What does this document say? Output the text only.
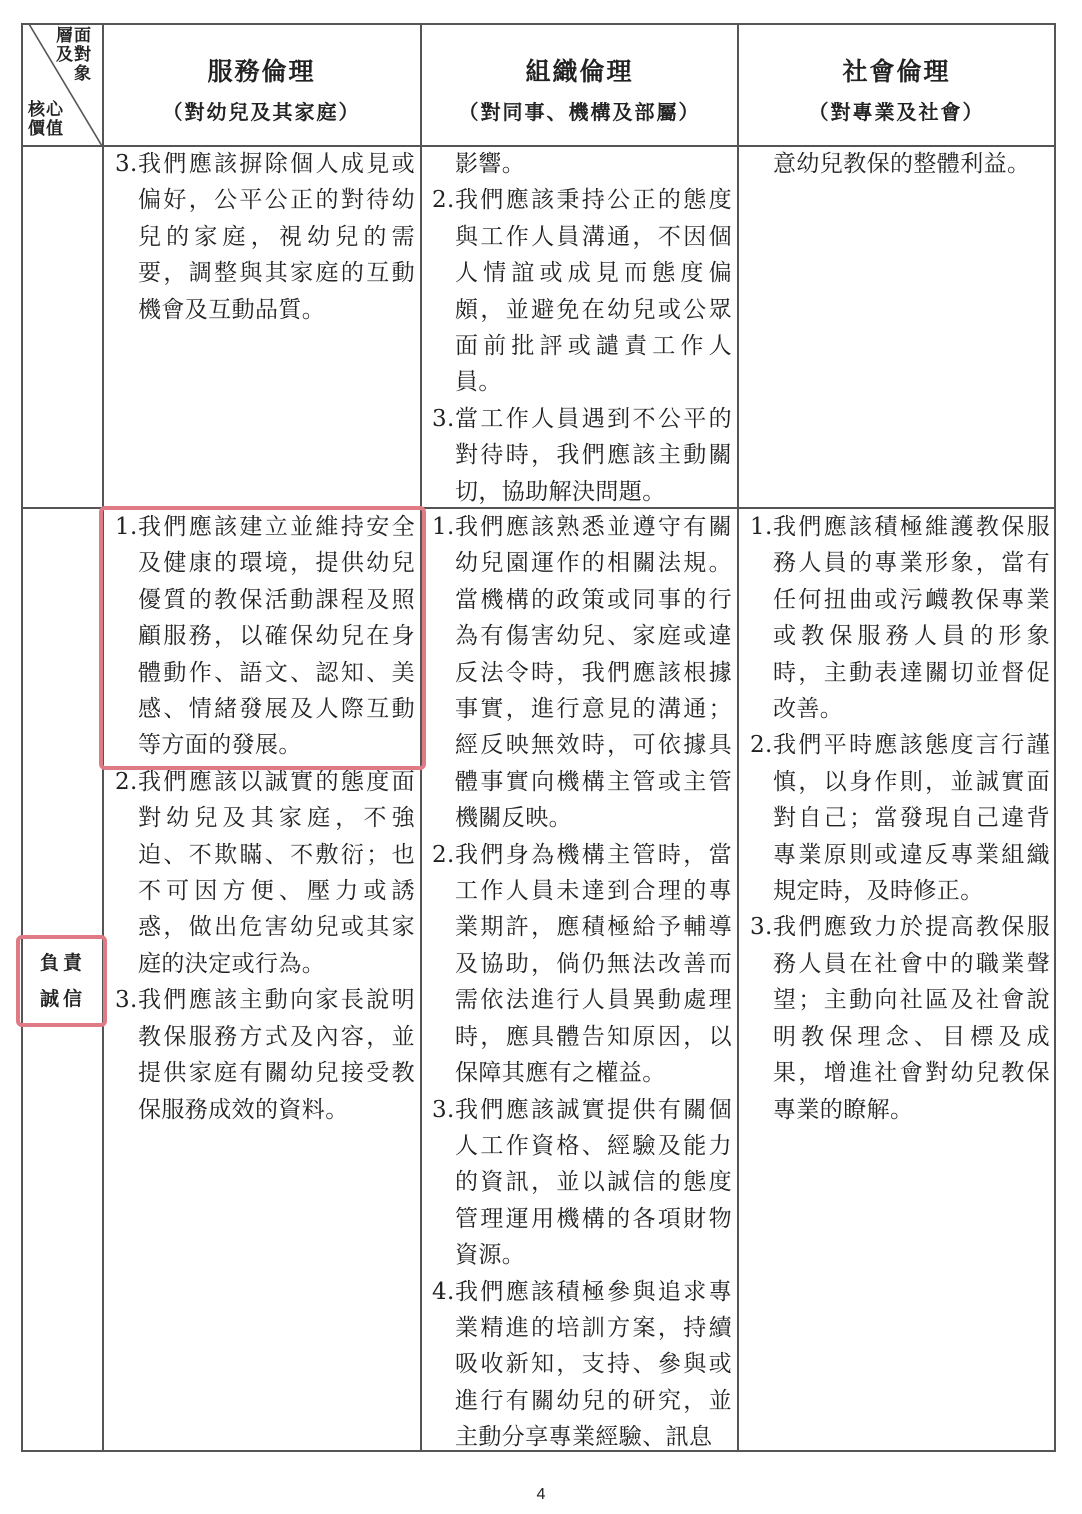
層面
及對
象
核心
價值
服務倫理
（對幼兒及其家庭）
組織倫理
（對同事、機構及部屬）
社會倫理
（對專業及社會）
3. 我們應該摒除個人成見或偏好，公平公正的對待幼兒的家庭，視幼兒的需要，調整與其家庭的互動機會及互動品質。
影響。
2. 我們應該秉持公正的態度與工作人員溝通，不因個人情誼或成見而態度偏頗，並避免在幼兒或公眾面前批評或譴責工作人員。
3. 當工作人員遇到不公平的對待時，我們應該主動關切，協助解決問題。
意幼兒教保的整體利益。
負責
誠信
1. 我們應該建立並維持安全及健康的環境，提供幼兒優質的教保活動課程及照顧服務，以確保幼兒在身體動作、語文、認知、美感、情緒發展及人際互動等方面的發展。
2. 我們應該以誠實的態度面對幼兒及其家庭，不強迫、不欺瞞、不敷衍；也不可因方便、壓力或誘惑，做出危害幼兒或其家庭的決定或行為。
3. 我們應該主動向家長說明教保服務方式及內容，並提供家庭有關幼兒接受教保服務成效的資料。
1. 我們應該熟悉並遵守有關幼兒園運作的相關法規。當機構的政策或同事的行為有傷害幼兒、家庭或違反法令時，我們應該根據事實，進行意見的溝通；經反映無效時，可依據具體事實向機構主管或主管機關反映。
2. 我們身為機構主管時，當工作人員未達到合理的專業期許，應積極給予輔導及協助，倘仍無法改善而需依法進行人員異動處理時，應具體告知原因，以保障其應有之權益。
3. 我們應該誠實提供有關個人工作資格、經驗及能力的資訊，並以誠信的態度管理運用機構的各項財物資源。
4. 我們應該積極參與追求專業精進的培訓方案，持續吸收新知，支持、參與或進行有關幼兒的研究，並主動分享專業經驗、訊息
1. 我們應該積極維護教保服務人員的專業形象，當有任何扭曲或污衊教保專業或教保服務人員的形象時，主動表達關切並督促改善。
2. 我們平時應該態度言行謹慎，以身作則，並誠實面對自己；當發現自己違背專業原則或違反專業組織規定時，及時修正。
3. 我們應致力於提高教保服務人員在社會中的職業聲望；主動向社區及社會說明教保理念、目標及成果，增進社會對幼兒教保專業的瞭解。
4
